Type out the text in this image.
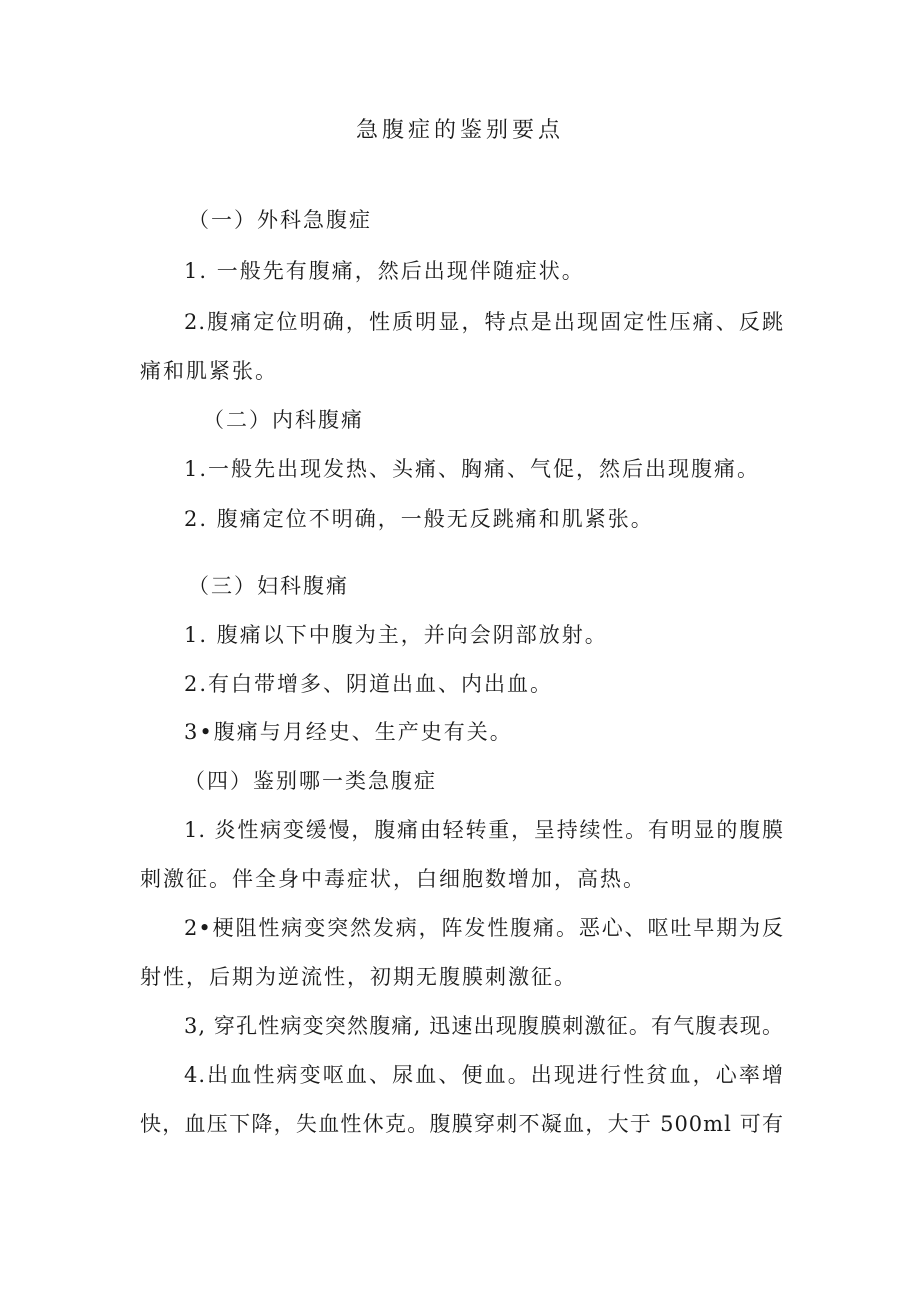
急腹症的鉴别要点
（一）外科急腹症
1. 一般先有腹痛，然后出现伴随症状。
2.腹痛定位明确，性质明显，特点是出现固定性压痛、反跳
痛和肌紧张。
（二）内科腹痛
1.一般先出现发热、头痛、胸痛、气促，然后出现腹痛。
2. 腹痛定位不明确，一般无反跳痛和肌紧张。
（三）妇科腹痛
1. 腹痛以下中腹为主，并向会阴部放射。
2.有白带增多、阴道出血、内出血。
3•腹痛与月经史、生产史有关。
（四）鉴别哪一类急腹症
1. 炎性病变缓慢，腹痛由轻转重，呈持续性。有明显的腹膜
刺激征。伴全身中毒症状，白细胞数增加，高热。
2•梗阻性病变突然发病，阵发性腹痛。恶心、呕吐早期为反
射性，后期为逆流性，初期无腹膜刺激征。
3, 穿孔性病变突然腹痛, 迅速出现腹膜刺激征。有气腹表现。
4.出血性病变呕血、尿血、便血。出现进行性贫血，心率增
快，血压下降，失血性休克。腹膜穿刺不凝血，大于 500ml 可有
